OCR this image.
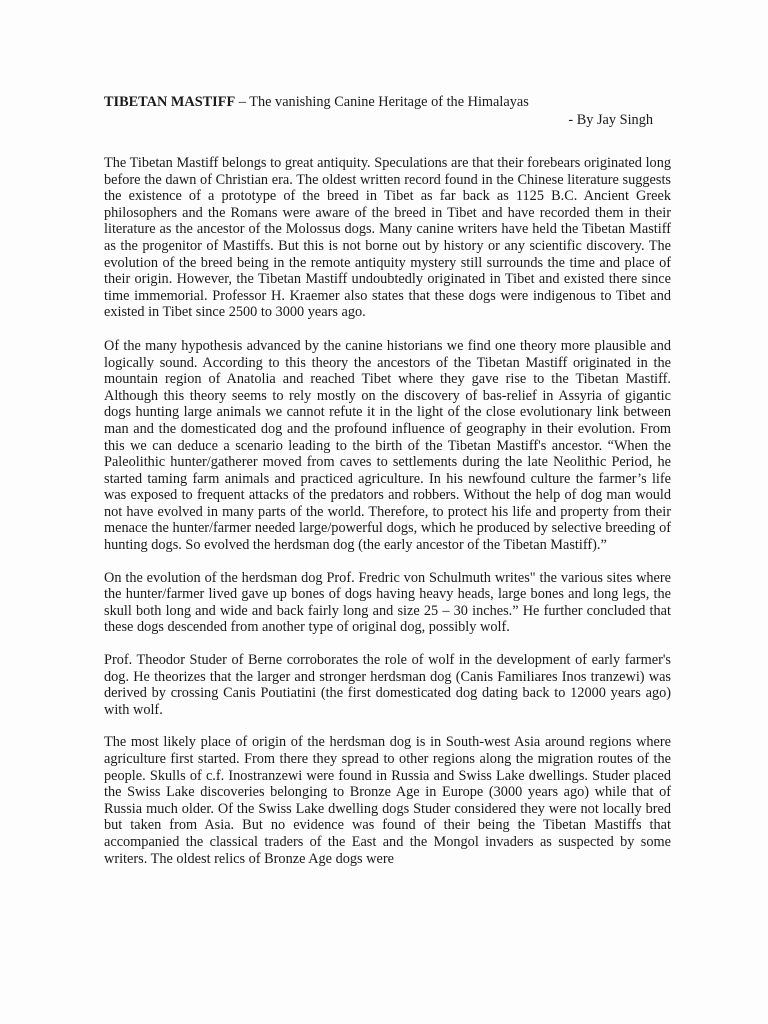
TIBETAN MASTIFF – The vanishing Canine Heritage of the Himalayas

- By Jay Singh

The Tibetan Mastiff belongs to great antiquity. Speculations are that their forebears originated long before the dawn of Christian era. The oldest written record found in the Chinese literature suggests the existence of a prototype of the breed in Tibet as far back as 1125 B.C. Ancient Greek philosophers and the Romans were aware of the breed in Tibet and have recorded them in their literature as the ancestor of the Molossus dogs. Many canine writers have held the Tibetan Mastiff as the progenitor of Mastiffs. But this is not borne out by history or any scientific discovery. The evolution of the breed being in the remote antiquity mystery still surrounds the time and place of their origin. However, the Tibetan Mastiff undoubtedly originated in Tibet and existed there since time immemorial. Professor H. Kraemer also states that these dogs were indigenous to Tibet and existed in Tibet since 2500 to 3000 years ago.

Of the many hypothesis advanced by the canine historians we find one theory more plausible and logically sound. According to this theory the ancestors of the Tibetan Mastiff originated in the mountain region of Anatolia and reached Tibet where they gave rise to the Tibetan Mastiff. Although this theory seems to rely mostly on the discovery of bas-relief in Assyria of gigantic dogs hunting large animals we cannot refute it in the light of the close evolutionary link between man and the domesticated dog and the profound influence of geography in their evolution. From this we can deduce a scenario leading to the birth of the Tibetan Mastiff's ancestor. “When the Paleolithic hunter/gatherer moved from caves to settlements during the late Neolithic Period, he started taming farm animals and practiced agriculture. In his newfound culture the farmer’s life was exposed to frequent attacks of the predators and robbers. Without the help of dog man would not have evolved in many parts of the world. Therefore, to protect his life and property from their menace the hunter/farmer needed large/powerful dogs, which he produced by selective breeding of hunting dogs. So evolved the herdsman dog (the early ancestor of the Tibetan Mastiff).”

On the evolution of the herdsman dog Prof. Fredric von Schulmuth writes" the various sites where the hunter/farmer lived gave up bones of dogs having heavy heads, large bones and long legs, the skull both long and wide and back fairly long and size 25 – 30 inches.” He further concluded that these dogs descended from another type of original dog, possibly wolf.

Prof. Theodor Studer of Berne corroborates the role of wolf in the development of early farmer's dog. He theorizes that the larger and stronger herdsman dog (Canis Familiares Inos tranzewi) was derived by crossing Canis Poutiatini (the first domesticated dog dating back to 12000 years ago) with wolf.

The most likely place of origin of the herdsman dog is in South-west Asia around regions where agriculture first started. From there they spread to other regions along the migration routes of the people. Skulls of c.f. Inostranzewi were found in Russia and Swiss Lake dwellings. Studer placed the Swiss Lake discoveries belonging to Bronze Age in Europe (3000 years ago) while that of Russia much older. Of the Swiss Lake dwelling dogs Studer considered they were not locally bred but taken from Asia. But no evidence was found of their being the Tibetan Mastiffs that accompanied the classical traders of the East and the Mongol invaders as suspected by some writers. The oldest relics of Bronze Age dogs were
